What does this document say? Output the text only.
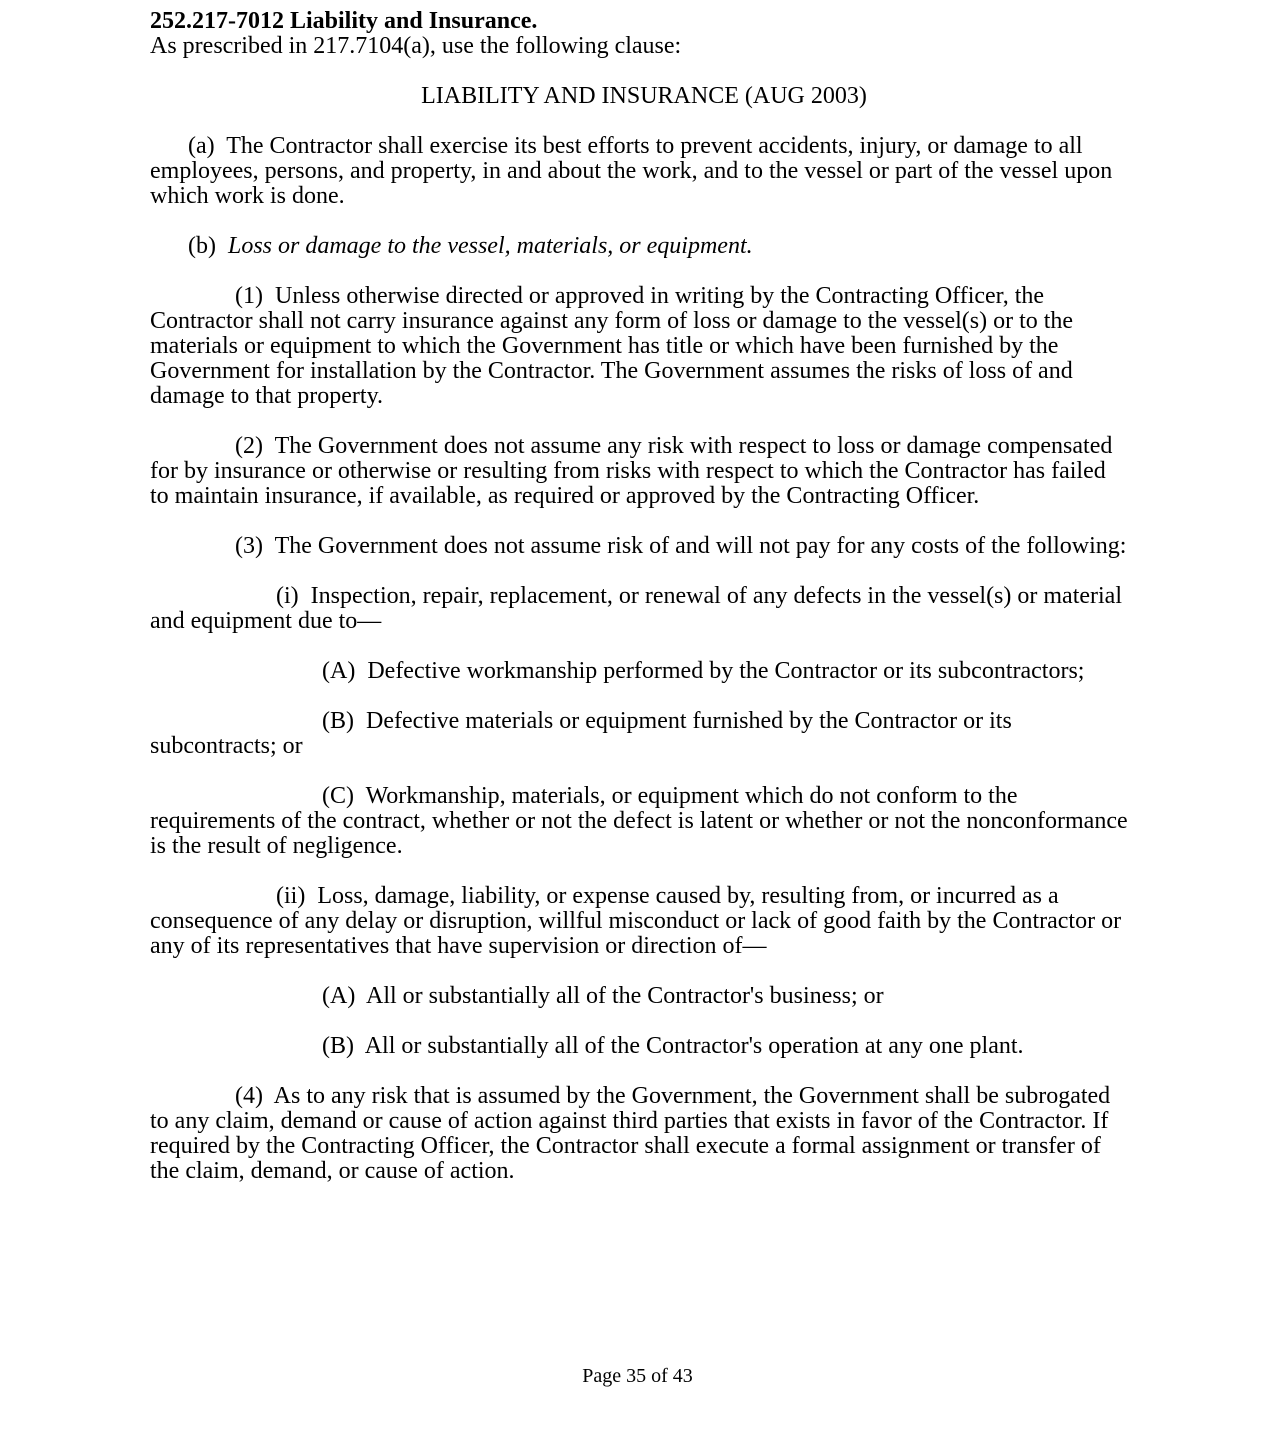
252.217-7012 Liability and Insurance.

As prescribed in 217.7104(a), use the following clause:

LIABILITY AND INSURANCE (AUG 2003)

(a) The Contractor shall exercise its best efforts to prevent accidents, injury, or damage to all employees, persons, and property, in and about the work, and to the vessel or part of the vessel upon which work is done.

(b) Loss or damage to the vessel, materials, or equipment.

(1) Unless otherwise directed or approved in writing by the Contracting Officer, the Contractor shall not carry insurance against any form of loss or damage to the vessel(s) or to the materials or equipment to which the Government has title or which have been furnished by the Government for installation by the Contractor. The Government assumes the risks of loss of and damage to that property.

(2) The Government does not assume any risk with respect to loss or damage compensated for by insurance or otherwise or resulting from risks with respect to which the Contractor has failed to maintain insurance, if available, as required or approved by the Contracting Officer.

(3) The Government does not assume risk of and will not pay for any costs of the following:

(i) Inspection, repair, replacement, or renewal of any defects in the vessel(s) or material and equipment due to—

(A) Defective workmanship performed by the Contractor or its subcontractors;

(B) Defective materials or equipment furnished by the Contractor or its subcontracts; or

(C) Workmanship, materials, or equipment which do not conform to the requirements of the contract, whether or not the defect is latent or whether or not the nonconformance is the result of negligence.

(ii) Loss, damage, liability, or expense caused by, resulting from, or incurred as a consequence of any delay or disruption, willful misconduct or lack of good faith by the Contractor or any of its representatives that have supervision or direction of—

(A) All or substantially all of the Contractor's business; or

(B) All or substantially all of the Contractor's operation at any one plant.

(4) As to any risk that is assumed by the Government, the Government shall be subrogated to any claim, demand or cause of action against third parties that exists in favor of the Contractor. If required by the Contracting Officer, the Contractor shall execute a formal assignment or transfer of the claim, demand, or cause of action.

Page 35 of 43
